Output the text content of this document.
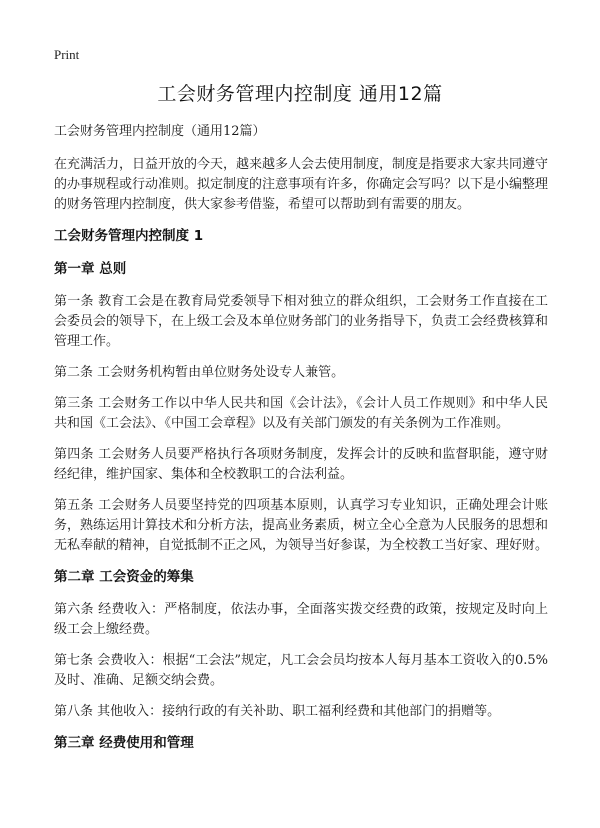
Print
工会财务管理内控制度 通用12篇

工会财务管理内控制度（通用12篇）

在充满活力，日益开放的今天，越来越多人会去使用制度，制度是指要求大家共同遵守的办事规程或行动准则。拟定制度的注意事项有许多，你确定会写吗？以下是小编整理的财务管理内控制度，供大家参考借鉴，希望可以帮助到有需要的朋友。

工会财务管理内控制度 1
第一章 总则

第一条 教育工会是在教育局党委领导下相对独立的群众组织，工会财务工作直接在工会委员会的领导下，在上级工会及本单位财务部门的业务指导下，负责工会经费核算和管理工作。

第二条 工会财务机构暂由单位财务处设专人兼管。

第三条 工会财务工作以中华人民共和国《会计法》，《会计人员工作规则》和中华人民共和国《工会法》、《中国工会章程》以及有关部门颁发的有关条例为工作准则。

第四条 工会财务人员要严格执行各项财务制度，发挥会计的反映和监督职能，遵守财经纪律，维护国家、集体和全校教职工的合法利益。

第五条 工会财务人员要坚持党的四项基本原则，认真学习专业知识，正确处理会计账务，熟练运用计算技术和分析方法，提高业务素质，树立全心全意为人民服务的思想和无私奉献的精神，自觉抵制不正之风，为领导当好参谋，为全校教工当好家、理好财。

第二章 工会资金的筹集

第六条 经费收入：严格制度，依法办事，全面落实拨交经费的政策，按规定及时向上级工会上缴经费。

第七条 会费收入：根据“工会法”规定，凡工会会员均按本人每月基本工资收入的0.5%及时、准确、足额交纳会费。

第八条 其他收入：接纳行政的有关补助、职工福利经费和其他部门的捐赠等。

第三章 经费使用和管理
